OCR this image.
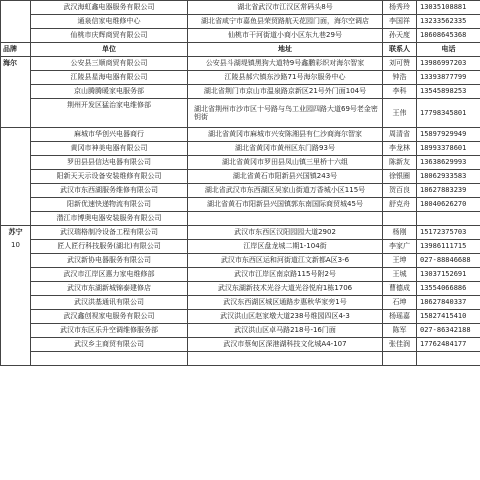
	武汉海虹鑫电器服务有限公司	湖北省武汉市江汉区常码头8号	杨秀玲	13035108881
	通泉信家电维修中心	湖北省咸宁市嘉鱼县荣贸路航天花园门面，海尔空调店	李国祥	13233562335
	仙桃市庆辉商贸有限公司	仙桃市干河街道小商小区东九巷29号	孙天度	18608645368
品牌	单位	地址	联系人	电话
海尔	公安县三顺商贸有限公司	公安县斗湖堤镇黑狗大道特9号鑫鹏彩织对海尔智家	刘可赞	13986997203
	江陵县星海电器有限公司	江陵县郝穴镇东沙路71号海尔服务中心	钟浩	13393877799
	京山腾腾暖家电服务部	湖北省荆门市京山市温泉路京新区21号外门面104号	李科	13545898253
	荆州开发区猛治家电维修部	湖北省荆州市沙市区十号路与鸟工业园四路大道69号老金密钥街	王伟	17798345801
	麻城市华创兴电器商行	湖北省黄冈市麻城市兴安陈湘县有仁沙商海尔智家	周清省	15897929949
	黄冈市神美电器有限公司	湖北省黄冈市黄州区东门路93号	李龙林	18993378601
	罗田县县信达电器有限公司	湖北省黄冈市罗田县凤山镇三里桥十六组	陈新友	13638629993
	阳新天天示设备安装维修有限公司	湖北省黄石市阳新县兴国镇243号	徐银圈	18062933583
	武汉市东西湖服务维修有限公司	湖北省武汉市东西湖区吴家山街道万香城小区115号	贺百良	18627883239
	阳新优速快递物流有限公司	湖北省黄石市阳新县兴国镇郭东南国际商贸城45号	舒克舟	18040626270
	潜江市博奥电器安装服务有限公司			

苏宁
10	武汉瑞格制冷设备工程有限公司	武汉市东西区汉阳园园大道2902	杨刚	15172375703
	匠人匠行科技服务(湖北)有限公司	江岸区盘龙城二期1-104街	李家广	13986111715
	武汉新协电器服务有限公司	武汉市东西区运和河街道江文新都A区3-6	王坤	027-88846688
	武汉市江岸区惠力家电维修部	武汉市江岸区南京路115号附2号	王城	13037152691
	武汉市东湖新城锦泰建修店	武汉东湖新技术光谷大道光谷悦府1栋1706	曹德成	13554066886
	武汉洪基通讯有限公司	武汉东西湖区城区通路步惠秋华家旁1号	石坤	18627840337
	武汉鑫创视家电服务有限公司	武汉洪山区赵家墩大道238号维园四区4-3	杨瑶嘉	15827415410
	武汉市东区乐升空调维修服务部	武汉洪山区卓马路218号-16门面	陈军	027-86342188
	武汉乡主商贸有限公司	武汉市蔡甸区深港湖科技文化城A4-107	张佳润	17762484177
